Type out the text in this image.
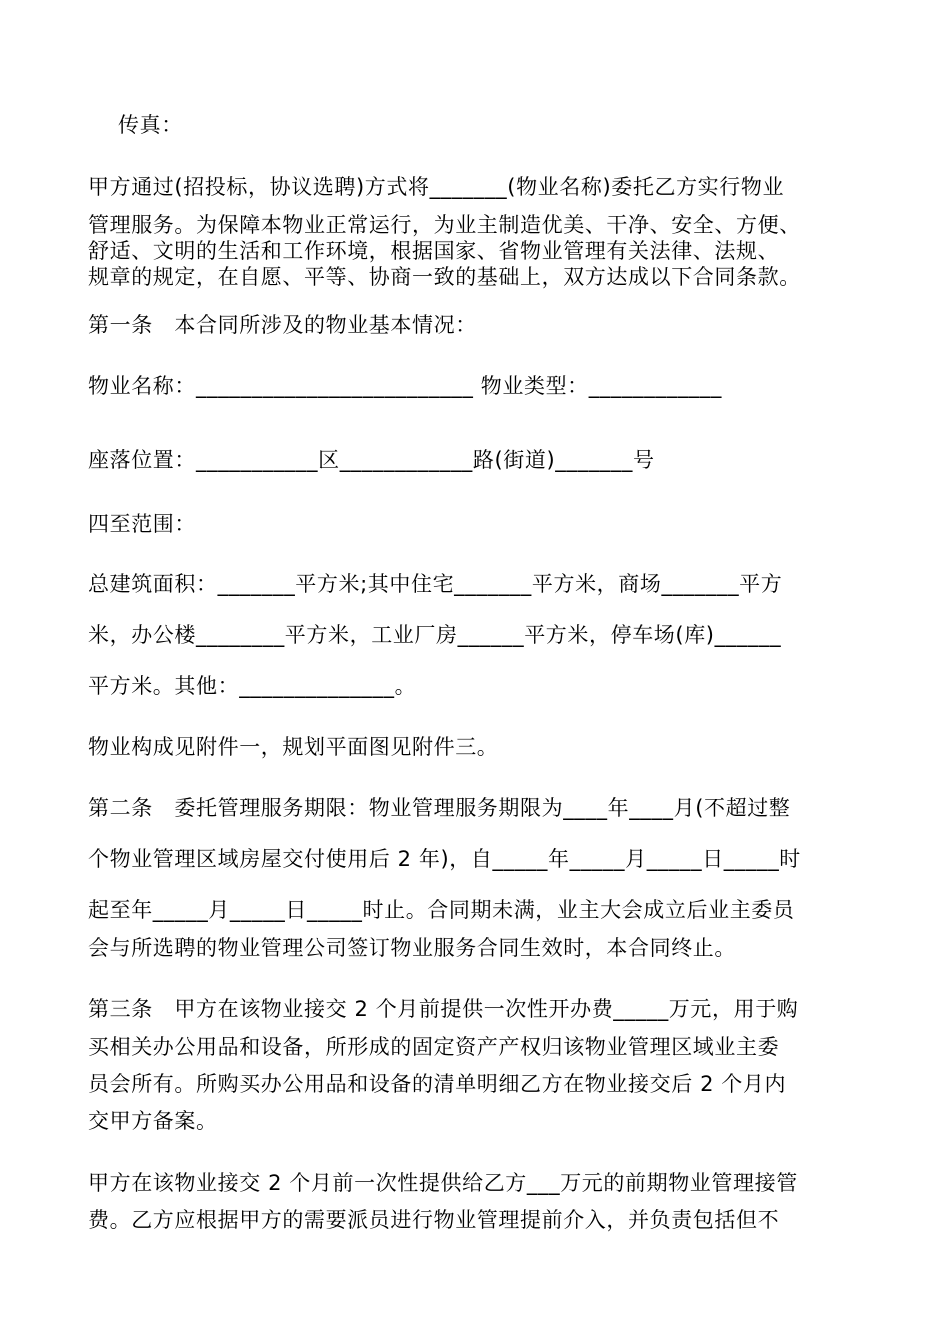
传真：
甲方通过(招投标，协议选聘)方式将_______(物业名称)委托乙方实行物业
管理服务。为保障本物业正常运行，为业主制造优美、干净、安全、方便、
舒适、文明的生活和工作环境，根据国家、省物业管理有关法律、法规、
规章的规定，在自愿、平等、协商一致的基础上，双方达成以下合同条款。
第一条　本合同所涉及的物业基本情况：
物业名称：_________________________ 物业类型：____________
座落位置：___________区____________路(街道)_______号
四至范围：
总建筑面积：_______平方米;其中住宅_______平方米，商场_______平方
米，办公楼________平方米，工业厂房______平方米，停车场(库)______
平方米。其他：______________。
物业构成见附件一，规划平面图见附件三。
第二条　委托管理服务期限：物业管理服务期限为____年____月(不超过整
个物业管理区域房屋交付使用后 2 年)，自_____年_____月_____日_____时
起至年_____月_____日_____时止。合同期未满，业主大会成立后业主委员
会与所选聘的物业管理公司签订物业服务合同生效时，本合同终止。
第三条　甲方在该物业接交 2 个月前提供一次性开办费_____万元，用于购
买相关办公用品和设备，所形成的固定资产产权归该物业管理区域业主委
员会所有。所购买办公用品和设备的清单明细乙方在物业接交后 2 个月内
交甲方备案。
甲方在该物业接交 2 个月前一次性提供给乙方___万元的前期物业管理接管
费。乙方应根据甲方的需要派员进行物业管理提前介入，并负责包括但不
